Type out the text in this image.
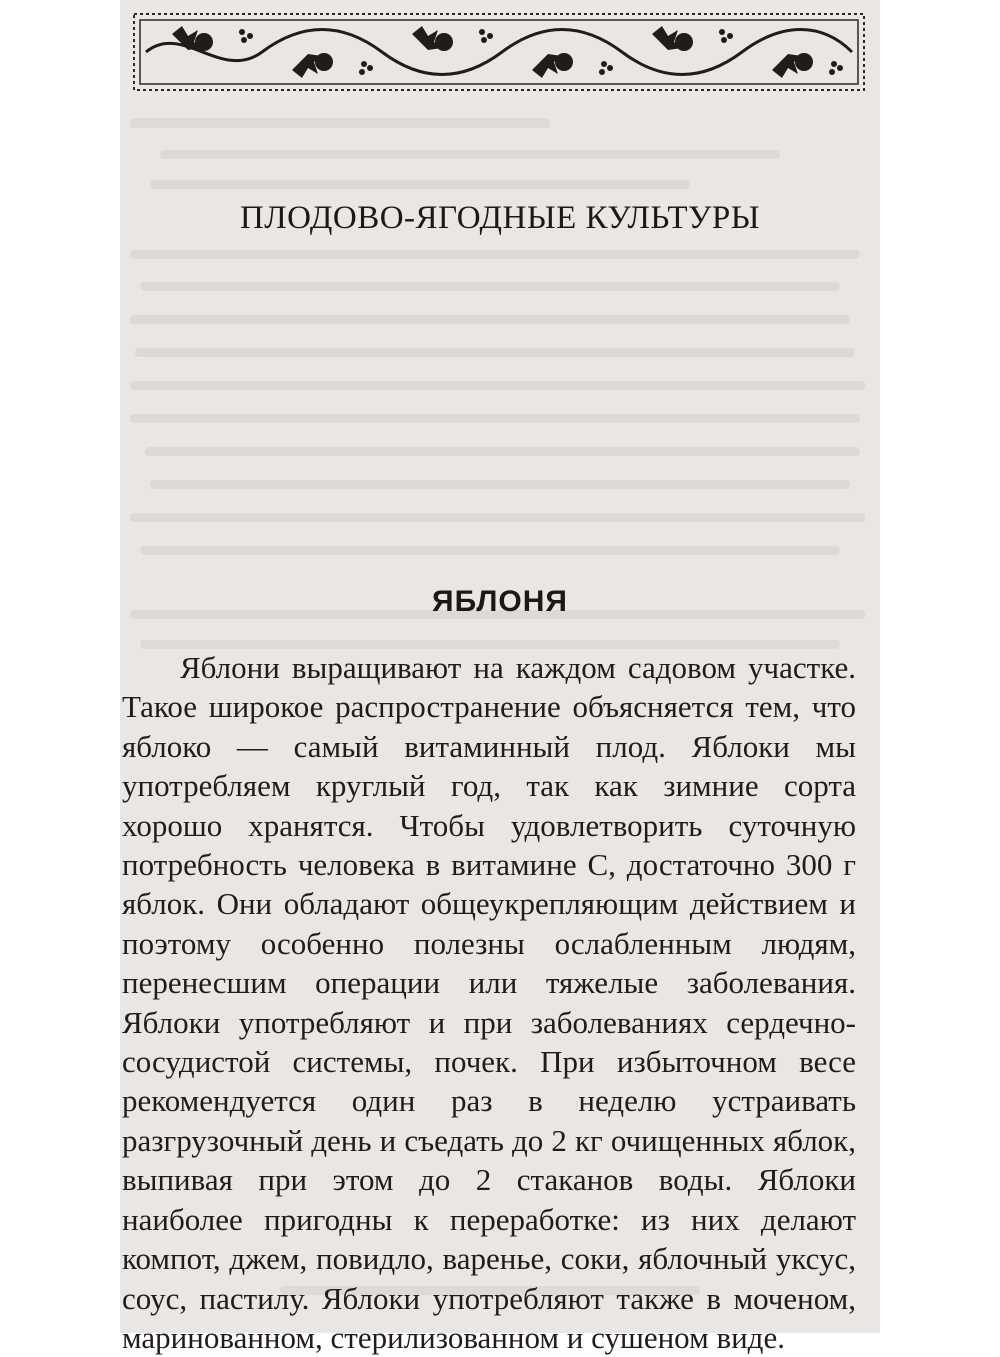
ПЛОДОВО-ЯГОДНЫЕ КУЛЬТУРЫ
ЯБЛОНЯ

Яблони выращивают на каждом садовом участке. Такое широкое распространение объясняется тем, что яблоко — самый витаминный плод. Яблоки мы употребляем круглый год, так как зимние сорта хорошо хранятся. Чтобы удовлетворить суточную потребность человека в витамине С, достаточно 300 г яблок. Они обладают общеукрепляющим действием и поэтому особенно полезны ослабленным людям, перенесшим операции или тяжелые заболевания. Яблоки употребляют и при заболеваниях сердечно-сосудистой системы, почек. При избыточном весе рекомендуется один раз в неделю устраивать разгрузочный день и съедать до 2 кг очищенных яблок, выпивая при этом до 2 стаканов воды. Яблоки наиболее пригодны к переработке: из них делают компот, джем, повидло, варенье, соки, яблочный уксус, соус, пастилу. Яблоки употребляют также в моченом, маринованном, стерилизованном и сушеном виде.
